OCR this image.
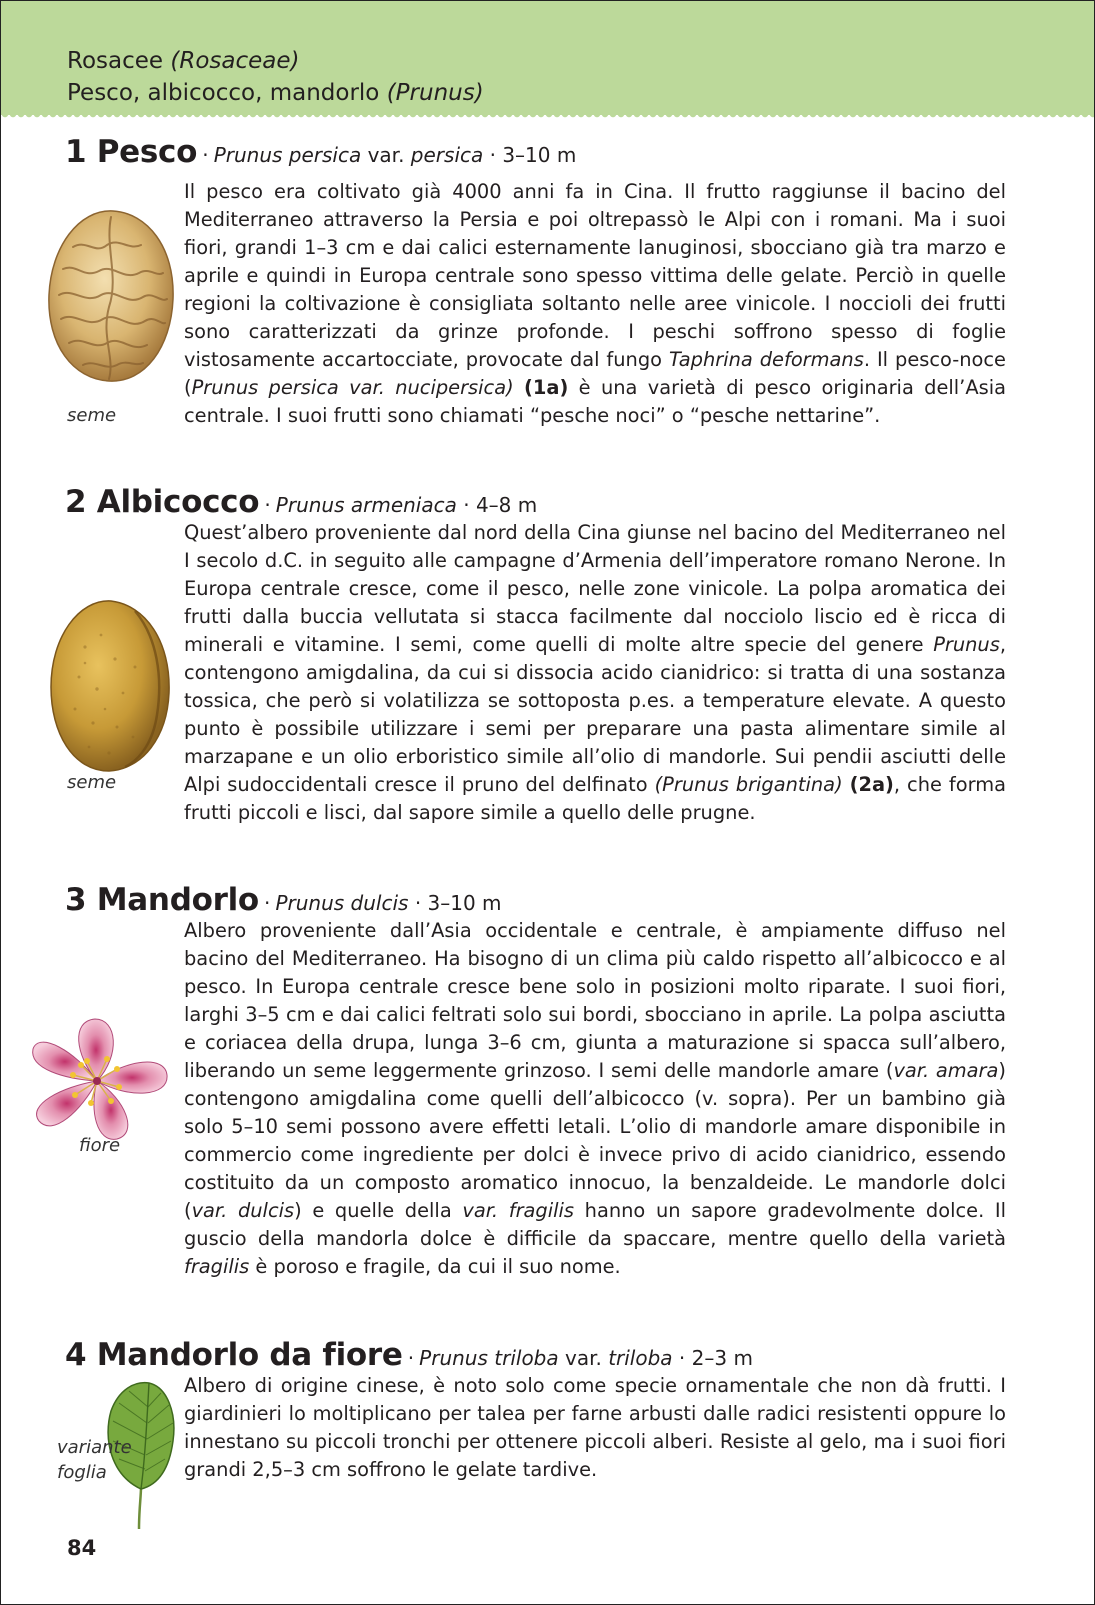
Rosacee (Rosaceae)
Pesco, albicocco, mandorlo (Prunus)
1 Pesco · Prunus persica var. persica · 3–10 m
seme

Il pesco era coltivato già 4000 anni fa in Cina. Il frutto raggiunse il bacino del Mediterraneo attraverso la Persia e poi oltrepassò le Alpi con i romani. Ma i suoi fiori, grandi 1–3 cm e dai calici esternamente lanuginosi, sbocciano già tra marzo e aprile e quindi in Europa centrale sono spesso vittima delle gelate. Perciò in quelle regioni la coltivazione è consigliata soltanto nelle aree vinicole. I noccioli dei frutti sono caratterizzati da grinze profonde. I peschi soffrono spesso di foglie vistosamente accartocciate, provocate dal fungo Taphrina deformans. Il pesco-noce (Prunus persica var. nucipersica) (1a) è una varietà di pesco originaria dell’Asia centrale. I suoi frutti sono chiamati “pesche noci” o “pesche nettarine”.

2 Albicocco · Prunus armeniaca · 4–8 m
seme

Quest’albero proveniente dal nord della Cina giunse nel bacino del Mediterraneo nel I secolo d.C. in seguito alle campagne d’Armenia dell’imperatore romano Nerone. In Europa centrale cresce, come il pesco, nelle zone vinicole. La polpa aromatica dei frutti dalla buccia vellutata si stacca facilmente dal nocciolo liscio ed è ricca di minerali e vitamine. I semi, come quelli di molte altre specie del genere Prunus, contengono amigdalina, da cui si dissocia acido cianidrico: si tratta di una sostanza tossica, che però si volatilizza se sottoposta p.es. a temperature elevate. A questo punto è possibile utilizzare i semi per preparare una pasta alimentare simile al marzapane e un olio erboristico simile all’olio di mandorle. Sui pendii asciutti delle Alpi sudoccidentali cresce il pruno del delfinato (Prunus brigantina) (2a), che forma frutti piccoli e lisci, dal sapore simile a quello delle prugne.

3 Mandorlo · Prunus dulcis · 3–10 m
fiore

Albero proveniente dall’Asia occidentale e centrale, è ampiamente diffuso nel bacino del Mediterraneo. Ha bisogno di un clima più caldo rispetto all’albicocco e al pesco. In Europa centrale cresce bene solo in posizioni molto riparate. I suoi fiori, larghi 3–5 cm e dai calici feltrati solo sui bordi, sbocciano in aprile. La polpa asciutta e coriacea della drupa, lunga 3–6 cm, giunta a maturazione si spacca sull’albero, liberando un seme leggermente grinzoso. I semi delle mandorle amare (var. amara) contengono amigdalina come quelli dell’albicocco (v. sopra). Per un bambino già solo 5–10 semi possono avere effetti letali. L’olio di mandorle amare disponibile in commercio come ingrediente per dolci è invece privo di acido cianidrico, essendo costituito da un composto aromatico innocuo, la benzaldeide. Le mandorle dolci (var. dulcis) e quelle della var. fragilis hanno un sapore gradevolmente dolce. Il guscio della mandorla dolce è difficile da spaccare, mentre quello della varietà fragilis è poroso e fragile, da cui il suo nome.

4 Mandorlo da fiore · Prunus triloba var. triloba · 2–3 m
variante
foglia

Albero di origine cinese, è noto solo come specie ornamentale che non dà frutti. I giardinieri lo moltiplicano per talea per farne arbusti dalle radici resistenti oppure lo innestano su piccoli tronchi per ottenere piccoli alberi. Resiste al gelo, ma i suoi fiori grandi 2,5–3 cm soffrono le gelate tardive.

84
